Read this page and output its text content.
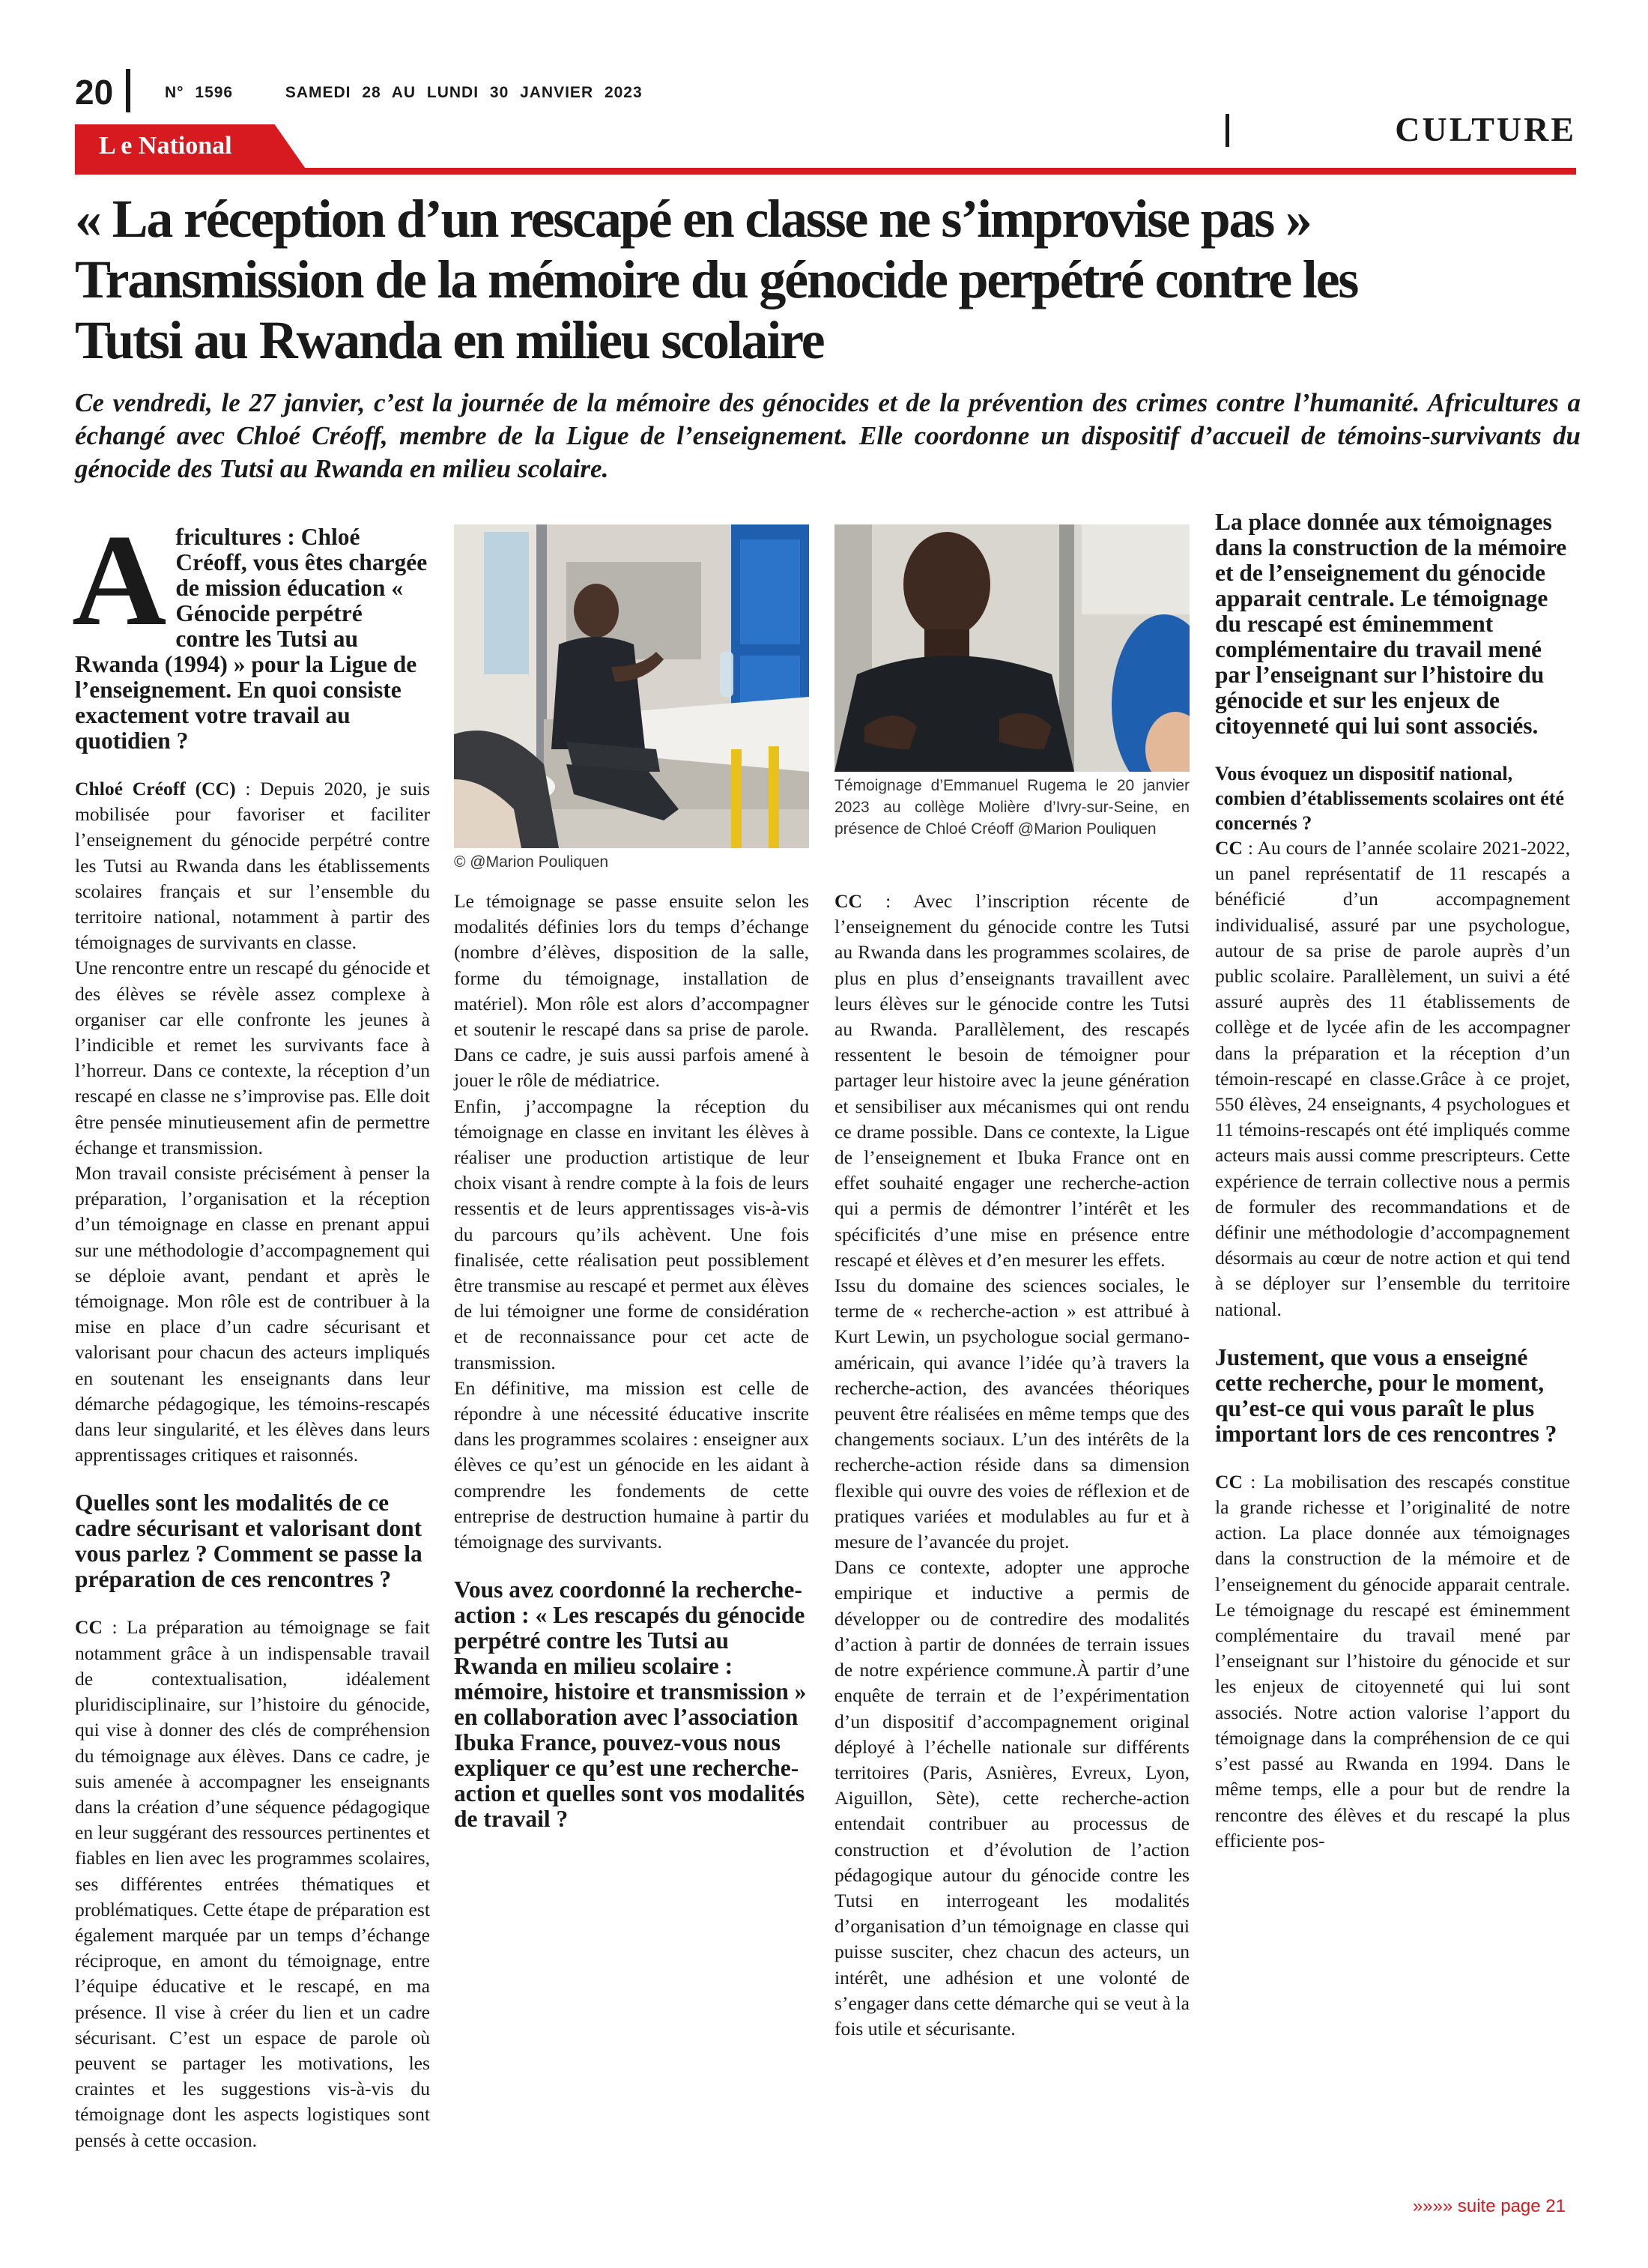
20	N° 1596	SAMEDI 28 AU LUNDI 30 JANVIER 2023
L e National	CULTURE
« La réception d’un rescapé en classe ne s’improvise pas »
Transmission de la mémoire du génocide perpétré contre les
Tutsi au Rwanda en milieu scolaire
Ce vendredi, le 27 janvier, c’est la journée de la mémoire des génocides et de la prévention des crimes contre l’humanité. Africultures a échangé avec Chloé Créoff, membre de la Ligue de l’enseignement. Elle coordonne un dispositif d’accueil de témoins-survivants du génocide des Tutsi au Rwanda en milieu scolaire.
© @Marion Pouliquen
Témoignage d’Emmanuel Rugema le 20 janvier 2023 au collège Molière d’Ivry-sur-Seine, en présence de Chloé Créoff @Marion Pouliquen
A fricultures : Chloé Créoff, vous êtes chargée de mission éducation « Génocide perpétré contre les Tutsi au Rwanda (1994) » pour la Ligue de l’enseignement. En quoi consiste exactement votre travail au quotidien ?

Chloé Créoff (CC) : Depuis 2020, je suis mobilisée pour favoriser et faciliter l’enseignement du génocide perpétré contre les Tutsi au Rwanda dans les établissements scolaires français et sur l’ensemble du territoire national, notamment à partir des témoignages de survivants en classe.

Une rencontre entre un rescapé du génocide et des élèves se révèle assez complexe à organiser car elle confronte les jeunes à l’indicible et remet les survivants face à l’horreur. Dans ce contexte, la réception d’un rescapé en classe ne s’improvise pas. Elle doit être pensée minutieusement afin de permettre échange et transmission.

Mon travail consiste précisément à penser la préparation, l’organisation et la réception d’un témoignage en classe en prenant appui sur une méthodologie d’accompagnement qui se déploie avant, pendant et après le témoignage. Mon rôle est de contribuer à la mise en place d’un cadre sécurisant et valorisant pour chacun des acteurs impliqués en soutenant les enseignants dans leur démarche pédagogique, les témoins-rescapés dans leur singularité, et les élèves dans leurs apprentissages critiques et raisonnés.

Quelles sont les modalités de ce cadre sécurisant et valorisant dont vous parlez ? Comment se passe la préparation de ces rencontres ?

CC : La préparation au témoignage se fait notamment grâce à un indispensable travail de contextualisation, idéalement pluridisciplinaire, sur l’histoire du génocide, qui vise à donner des clés de compréhension du témoignage aux élèves. Dans ce cadre, je suis amenée à accompagner les enseignants dans la création d’une séquence pédagogique en leur suggérant des ressources pertinentes et fiables en lien avec les programmes scolaires, ses différentes entrées thématiques et problématiques. Cette étape de préparation est également marquée par un temps d’échange réciproque, en amont du témoignage, entre l’équipe éducative et le rescapé, en ma présence. Il vise à créer du lien et un cadre sécurisant. C’est un espace de parole où peuvent se partager les motivations, les craintes et les suggestions vis-à-vis du témoignage dont les aspects logistiques sont pensés à cette occasion.

Le témoignage se passe ensuite selon les modalités définies lors du temps d’échange (nombre d’élèves, disposition de la salle, forme du témoignage, installation de matériel). Mon rôle est alors d’accompagner et soutenir le rescapé dans sa prise de parole. Dans ce cadre, je suis aussi parfois amené à jouer le rôle de médiatrice.

Enfin, j’accompagne la réception du témoignage en classe en invitant les élèves à réaliser une production artistique de leur choix visant à rendre compte à la fois de leurs ressentis et de leurs apprentissages vis-à-vis du parcours qu’ils achèvent. Une fois finalisée, cette réalisation peut possiblement être transmise au rescapé et permet aux élèves de lui témoigner une forme de considération et de reconnaissance pour cet acte de transmission.

En définitive, ma mission est celle de répondre à une nécessité éducative inscrite dans les programmes scolaires : enseigner aux élèves ce qu’est un génocide en les aidant à comprendre les fondements de cette entreprise de destruction humaine à partir du témoignage des survivants.

Vous avez coordonné la recherche-action : « Les rescapés du génocide perpétré contre les Tutsi au Rwanda en milieu scolaire : mémoire, histoire et transmission » en collaboration avec l’association Ibuka France, pouvez-vous nous expliquer ce qu’est une recherche-action et quelles sont vos modalités de travail ?

CC : Avec l’inscription récente de l’enseignement du génocide contre les Tutsi au Rwanda dans les programmes scolaires, de plus en plus d’enseignants travaillent avec leurs élèves sur le génocide contre les Tutsi au Rwanda. Parallèlement, des rescapés ressentent le besoin de témoigner pour partager leur histoire avec la jeune génération et sensibiliser aux mécanismes qui ont rendu ce drame possible. Dans ce contexte, la Ligue de l’enseignement et Ibuka France ont en effet souhaité engager une recherche-action qui a permis de démontrer l’intérêt et les spécificités d’une mise en présence entre rescapé et élèves et d’en mesurer les effets.

Issu du domaine des sciences sociales, le terme de « recherche-action » est attribué à Kurt Lewin, un psychologue social germano-américain, qui avance l’idée qu’à travers la recherche-action, des avancées théoriques peuvent être réalisées en même temps que des changements sociaux. L’un des intérêts de la recherche-action réside dans sa dimension flexible qui ouvre des voies de réflexion et de pratiques variées et modulables au fur et à mesure de l’avancée du projet.

Dans ce contexte, adopter une approche empirique et inductive a permis de développer ou de contredire des modalités d’action à partir de données de terrain issues de notre expérience commune.À partir d’une enquête de terrain et de l’expérimentation d’un dispositif d’accompagnement original déployé à l’échelle nationale sur différents territoires (Paris, Asnières, Evreux, Lyon, Aiguillon, Sète), cette recherche-action entendait contribuer au processus de construction et d’évolution de l’action pédagogique autour du génocide contre les Tutsi en interrogeant les modalités d’organisation d’un témoignage en classe qui puisse susciter, chez chacun des acteurs, un intérêt, une adhésion et une volonté de s’engager dans cette démarche qui se veut à la fois utile et sécurisante.

La place donnée aux témoignages dans la construction de la mémoire et de l’enseignement du génocide apparait centrale. Le témoignage du rescapé est éminemment complémentaire du travail mené par l’enseignant sur l’histoire du génocide et sur les enjeux de citoyenneté qui lui sont associés.

Vous évoquez un dispositif national, combien d’établissements scolaires ont été concernés ?

CC : Au cours de l’année scolaire 2021-2022, un panel représentatif de 11 rescapés a bénéficié d’un accompagnement individualisé, assuré par une psychologue, autour de sa prise de parole auprès d’un public scolaire. Parallèlement, un suivi a été assuré auprès des 11 établissements de collège et de lycée afin de les accompagner dans la préparation et la réception d’un témoin-rescapé en classe.Grâce à ce projet, 550 élèves, 24 enseignants, 4 psychologues et 11 témoins-rescapés ont été impliqués comme acteurs mais aussi comme prescripteurs. Cette expérience de terrain collective nous a permis de formuler des recommandations et de définir une méthodologie d’accompagnement désormais au cœur de notre action et qui tend à se déployer sur l’ensemble du territoire national.

Justement, que vous a enseigné cette recherche, pour le moment, qu’est-ce qui vous paraît le plus important lors de ces rencontres ?

CC : La mobilisation des rescapés constitue la grande richesse et l’originalité de notre action. La place donnée aux témoignages dans la construction de la mémoire et de l’enseignement du génocide apparait centrale. Le témoignage du rescapé est éminemment complémentaire du travail mené par l’enseignant sur l’histoire du génocide et sur les enjeux de citoyenneté qui lui sont associés. Notre action valorise l’apport du témoignage dans la compréhension de ce qui s’est passé au Rwanda en 1994. Dans le même temps, elle a pour but de rendre la rencontre des élèves et du rescapé la plus efficiente pos-

»»»» suite page 21
